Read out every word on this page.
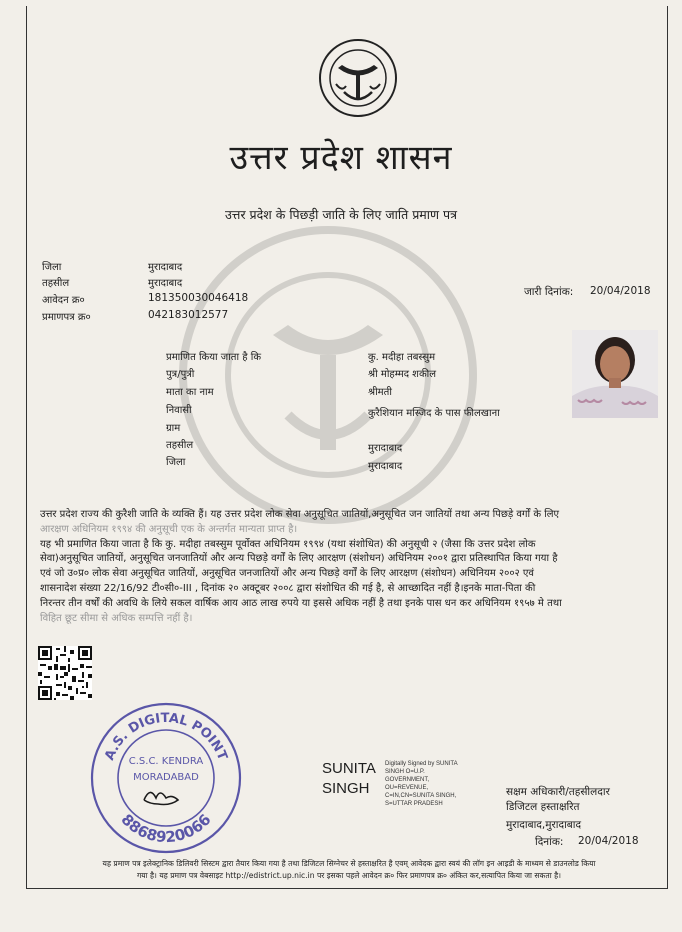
उत्तर प्रदेश शासन
उत्तर प्रदेश के पिछड़ी जाति के लिए जाति प्रमाण पत्र
जिला	मुरादाबाद
तहसील	मुरादाबाद
आवेदन क्र०	181350030046418
प्रमाणपत्र क्र०	042183012577
जारी दिनांक: 20/04/2018
प्रमाणित किया जाता है कि	कु. मदीहा तबस्सुम
पुत्र/पुत्री	श्री मोहम्मद शकील
माता का नाम	श्रीमती
निवासी	कुरैशियान मस्जिद के पास फीलखाना
ग्राम
तहसील	मुरादाबाद
जिला	मुरादाबाद

उत्तर प्रदेश राज्य की कुरैशी जाति के व्यक्ति हैं। यह उत्तर प्रदेश लोक सेवा अनुसूचित जातियों,अनुसूचित जन जातियों तथा अन्य पिछड़े वर्गों के लिए

आरक्षण अधिनियम १९९४ की अनुसूची एक के अन्तर्गत मान्यता प्राप्त है।

यह भी प्रमाणित किया जाता है कि कु. मदीहा तबस्सुम पूर्वोक्त अधिनियम १९९४ (यथा संशोधित) की अनुसूची २ (जैसा कि उत्तर प्रदेश लोक

सेवा)अनुसूचित जातियों, अनुसूचित जनजातियों और अन्य पिछड़े वर्गों के लिए आरक्षण (संशोधन) अधिनियम २००१ द्वारा प्रतिस्थापित किया गया है

एवं जो उ०प्र० लोक सेवा अनुसूचित जातियों, अनुसूचित जनजातियों और अन्य पिछड़े वर्गों के लिए आरक्षण (संशोधन) अधिनियम २००२ एवं

शासनादेश संख्या 22/16/92 टी०सी०-III , दिनांक २० अक्टूबर २००८ द्वारा संशोधित की गई है, से आच्छादित नहीं है।इनके माता-पिता की

निरन्तर तीन वर्षों की अवधि के लिये सकल वार्षिक आय आठ लाख रुपये या इससे अधिक नहीं है तथा इनके पास धन कर अधिनियम १९५७ मे तथा

विहित छूट सीमा से अधिक सम्पत्ति नहीं है।

A.S. DIGITAL POINT
8868920066
C.S.C. KENDRA
MORADABAD
SUNITA
SINGH
Digitally Signed by SUNITA
SINGH O=U.P.
GOVERNMENT,
OU=REVENUE,
C=IN,CN=SUNITA SINGH,
S=UTTAR PRADESH
सक्षम अधिकारी/तहसीलदार
डिजिटल हस्ताक्षरित
मुरादाबाद,मुरादाबाद
दिनांक: 20/04/2018

यह प्रमाण पत्र इलेक्ट्रानिक डिलिवरी सिस्टम द्वारा तैयार किया गया है तथा डिजिटल सिग्नेचर से हस्ताक्षरित है एवम् आवेदक द्वारा स्वयं की लॉग इन आइडी के माध्यम से डाउनलोड किया

गया है। यह प्रमाण पत्र वेबसाइट http://edistrict.up.nic.in पर इसका पहले आवेदन क्र० फिर प्रमाणपत्र क्र० अंकित कर,सत्यापित किया जा सकता है।
